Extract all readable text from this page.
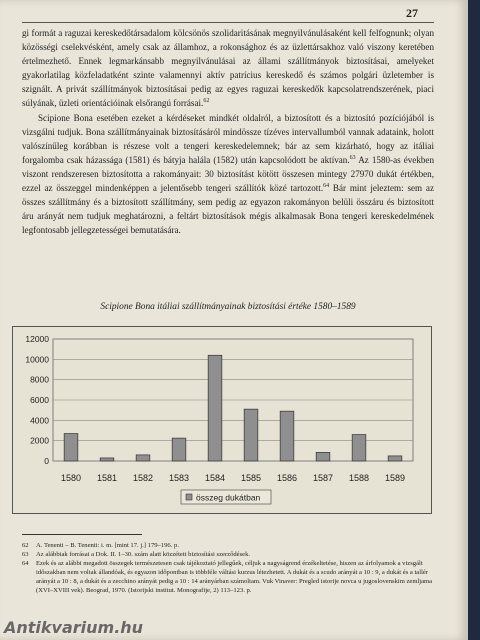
27

gi formát a raguzai kereskedőtársadalom kölcsönös szolidaritásának megnyilvánulásaként kell felfognunk; olyan közösségi cselekvésként, amely csak az államhoz, a rokonsághoz és az üzlettársakhoz való viszony keretében értelmezhető. Ennek legmarkánsabb megnyilvánulásai az állami szállítmányok biztosításai, amelyeket gyakorlatilag közfeladatként szinte valamennyi aktív patrícius kereskedő és számos polgári üzletember is szignált. A privát szállítmányok biztosításai pedig az egyes raguzai kereskedők kapcsolatrendszerének, piaci súlyának, üzleti orientációinak elsőrangú forrásai.$^{62}$

Scipione Bona esetében ezeket a kérdéseket mindkét oldalról, a biztosított és a biztosító pozíciójából is vizsgálni tudjuk. Bona szállítmányainak biztosításáról mindössze tízéves intervallumból vannak adataink, holott valószínűleg korábban is részese volt a tengeri kereskedelemnek; bár az sem kizárható, hogy az itáliai forgalomba csak házassága (1581) és bátyja halála (1582) után kapcsolódott be aktívan.$^{63}$ Az 1580-as években viszont rendszeresen biztosította a rakományait: 30 biztosítást kötött összesen mintegy 27970 dukát értékben, ezzel az összeggel mindenképpen a jelentősebb tengeri szállítók közé tartozott.$^{64}$ Bár mint jeleztem: sem az összes szállítmány és a biztosított szállítmány, sem pedig az egyazon rakományon belüli összáru és biztosított áru arányát nem tudjuk meghatározni, a feltárt biztosítások mégis alkalmasak Bona tengeri kereskedelmének legfontosabb jellegzetességei bemutatására.

Scipione Bona itáliai szállítmányainak biztosítási értéke 1580–1589
0
2000
4000
6000
8000
10000
12000
1580 1581 1582 1583 1584 1585 1586 1587 1588 1589
összeg dukátban

62 A. Tenenti – B. Tenenti: i. m. [mint 17. j.] 179–196. p.

63 Az alábbiak forrásai a Dok. II. 1–30. szám alatt közzétett biztosítási szerződések.

64 Ezek és az alábbi megadott összegek természetesen csak tájékoztató jellegűek, céljuk a nagyságrend érzékeltetése, hiszen az árfolyamok a vizsgált időszakban nem voltak állandóak, és egyazon időpontban is többféle váltási kurzus létezhetett. A dukát és a scudo arányát a 10 : 9, a dukát és a tallér arányát a 10 : 8, a dukát és a zecchino arányát pedig a 10 : 14 arányárban számoltam. Vuk Vinaver: Pregled istorije novca u jugoslovenskim zemljama (XVI–XVIII vek). Beograd, 1970. (Istorijski institut. Monografije, 2) 113–123. p.

Antikvarium.hu
